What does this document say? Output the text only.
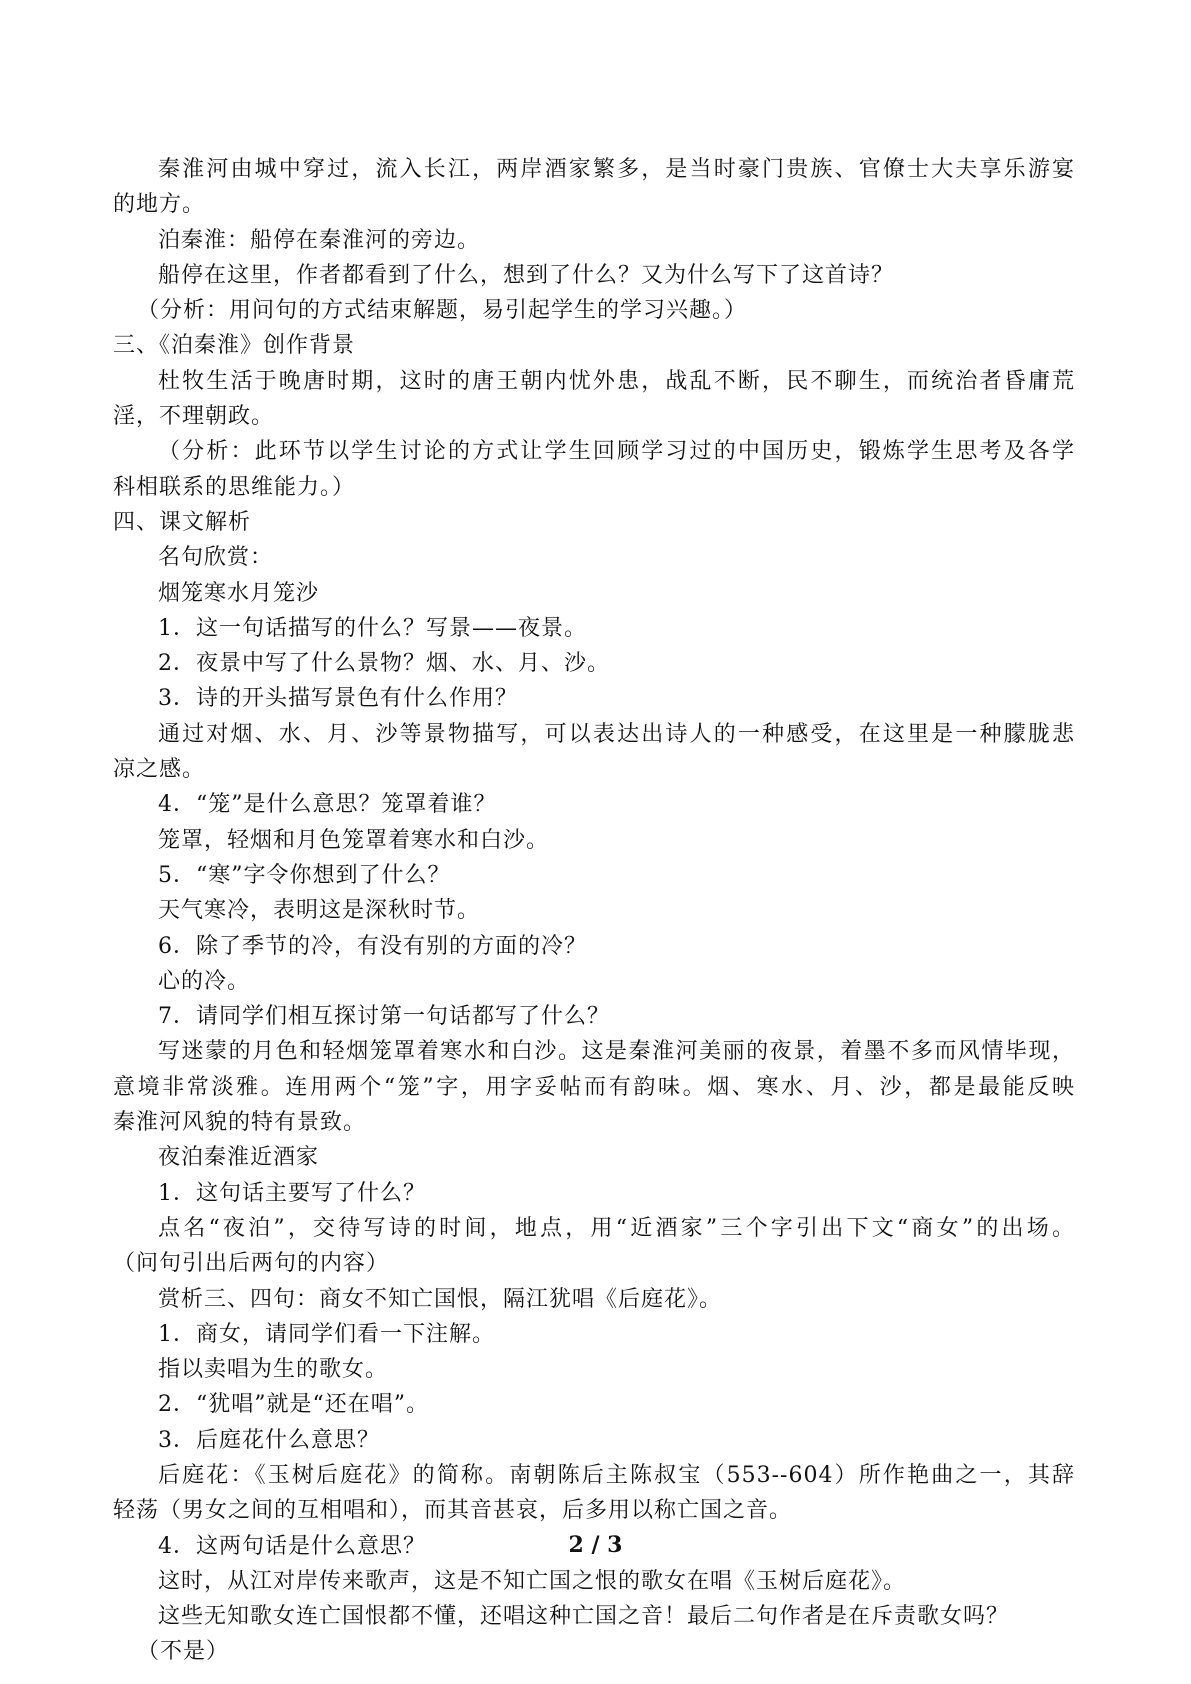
秦淮河由城中穿过，流入长江，两岸酒家繁多，是当时豪门贵族、官僚士大夫享乐游宴
的地方。
泊秦淮：船停在秦淮河的旁边。
船停在这里，作者都看到了什么，想到了什么？又为什么写下了这首诗？
（分析：用问句的方式结束解题，易引起学生的学习兴趣。）
三、《泊秦淮》创作背景
杜牧生活于晚唐时期，这时的唐王朝内忧外患，战乱不断，民不聊生，而统治者昏庸荒
淫，不理朝政。
（分析：此环节以学生讨论的方式让学生回顾学习过的中国历史，锻炼学生思考及各学
科相联系的思维能力。）
四、课文解析
名句欣赏：
烟笼寒水月笼沙
1．这一句话描写的什么？写景——夜景。
2．夜景中写了什么景物？烟、水、月、沙。
3．诗的开头描写景色有什么作用？
通过对烟、水、月、沙等景物描写，可以表达出诗人的一种感受，在这里是一种朦胧悲
凉之感。
4．“笼”是什么意思？笼罩着谁？
笼罩，轻烟和月色笼罩着寒水和白沙。
5．“寒”字令你想到了什么？
天气寒冷，表明这是深秋时节。
6．除了季节的冷，有没有别的方面的冷？
心的冷。
7．请同学们相互探讨第一句话都写了什么？
写迷蒙的月色和轻烟笼罩着寒水和白沙。这是秦淮河美丽的夜景，着墨不多而风情毕现，
意境非常淡雅。连用两个“笼”字，用字妥帖而有韵味。烟、寒水、月、沙，都是最能反映
秦淮河风貌的特有景致。
夜泊秦淮近酒家
1．这句话主要写了什么？
点名“夜泊”，交待写诗的时间，地点，用“近酒家”三个字引出下文“商女”的出场。
（问句引出后两句的内容）
赏析三、四句：商女不知亡国恨，隔江犹唱《后庭花》。
1．商女，请同学们看一下注解。
指以卖唱为生的歌女。
2．“犹唱”就是“还在唱”。
3．后庭花什么意思？
后庭花：《玉树后庭花》的简称。南朝陈后主陈叔宝（553--604）所作艳曲之一，其辞
轻荡（男女之间的互相唱和），而其音甚哀，后多用以称亡国之音。
4．这两句话是什么意思？
这时，从江对岸传来歌声，这是不知亡国之恨的歌女在唱《玉树后庭花》。
这些无知歌女连亡国恨都不懂，还唱这种亡国之音！最后二句作者是在斥责歌女吗？
（不是）
2 / 3
